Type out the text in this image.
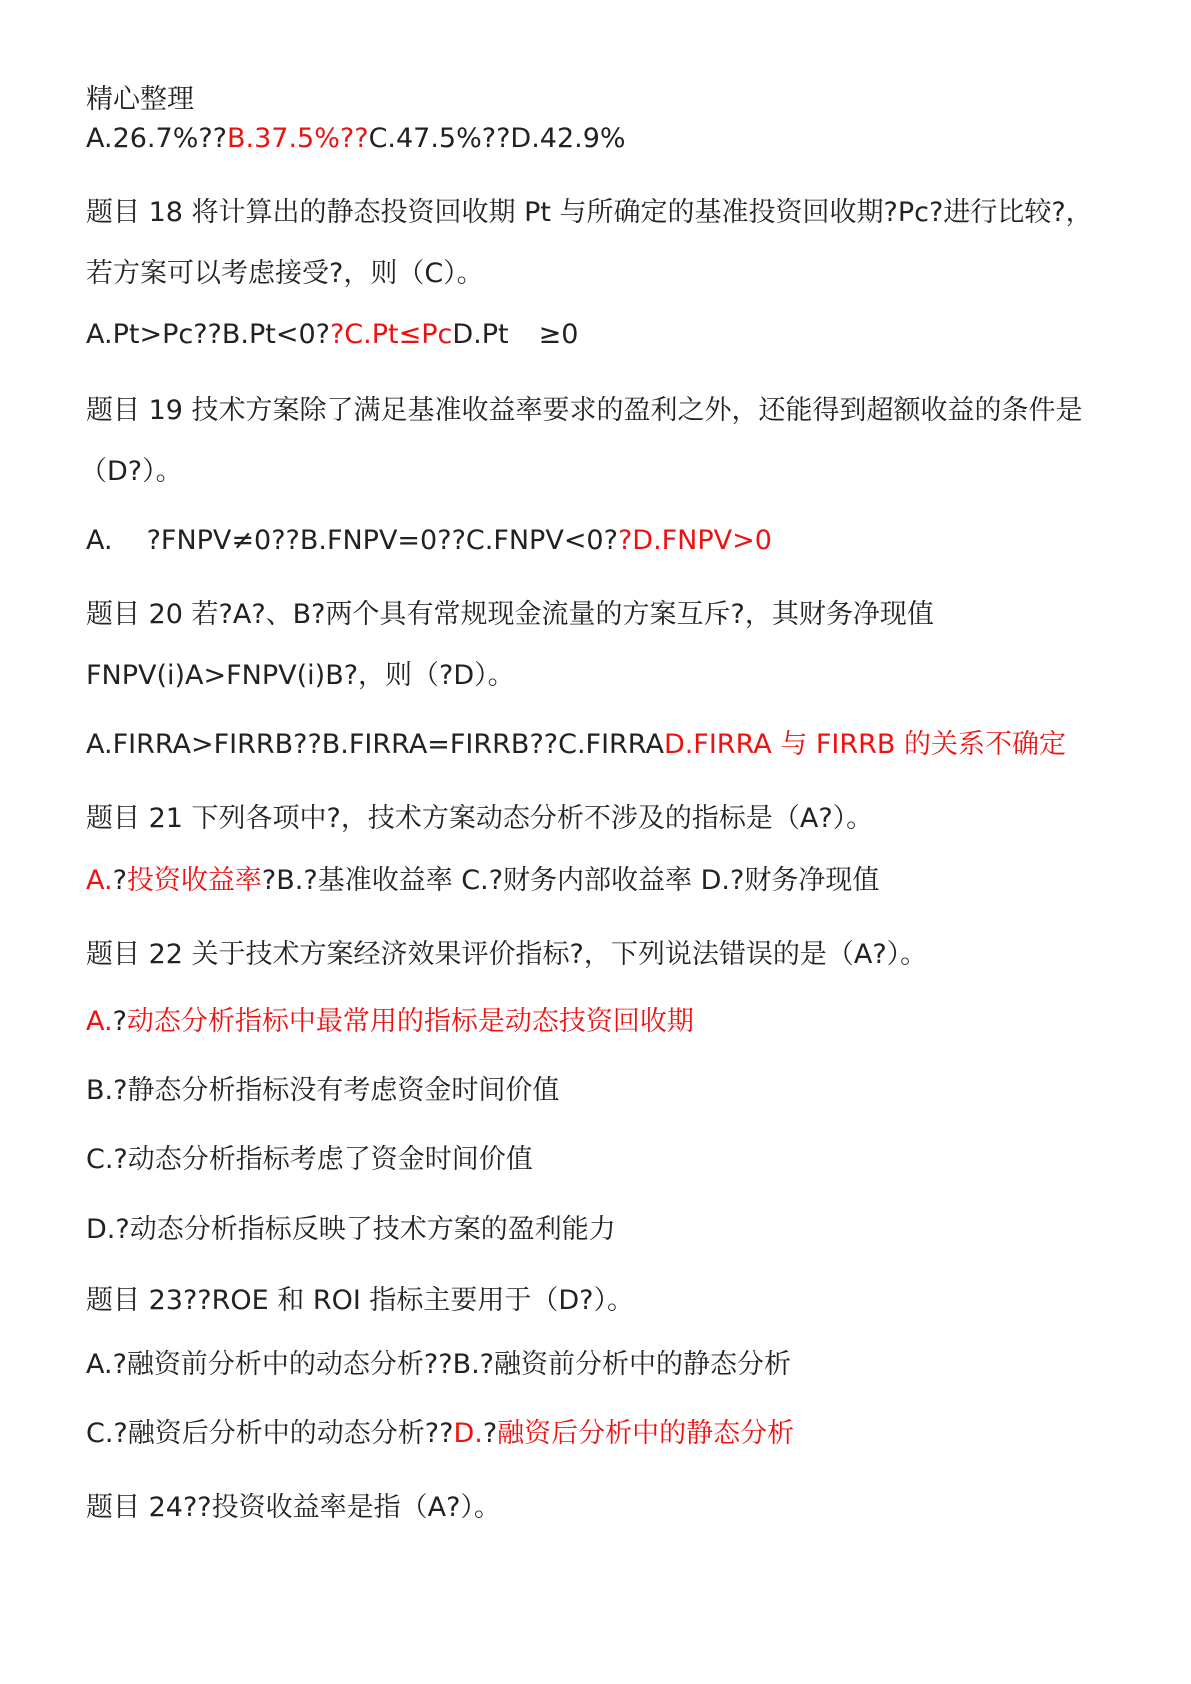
精心整理
A.26.7%??B.37.5%??C.47.5%??D.42.9%
题目 18 将计算出的静态投资回收期 Pt 与所确定的基准投资回收期?Pc?进行比较?，
若方案可以考虑接受?，则（C）。
A.Pt>Pc??B.Pt<0??C.Pt≤PcD.Pt ≥0
题目 19 技术方案除了满足基准收益率要求的盈利之外，还能得到超额收益的条件是
（D?）。
A. ?FNPV≠0??B.FNPV=0??C.FNPV<0??D.FNPV>0
题目 20 若?A?、B?两个具有常规现金流量的方案互斥?，其财务净现值
FNPV(i)A>FNPV(i)B?，则（?D）。
A.FIRRA>FIRRB??B.FIRRA=FIRRB??C.FIRRAD.FIRRA 与 FIRRB 的关系不确定
题目 21 下列各项中?，技术方案动态分析不涉及的指标是（A?）。
A.?投资收益率?B.?基准收益率 C.?财务内部收益率 D.?财务净现值
题目 22 关于技术方案经济效果评价指标?，下列说法错误的是（A?）。
A.?动态分析指标中最常用的指标是动态技资回收期
B.?静态分析指标没有考虑资金时间价值
C.?动态分析指标考虑了资金时间价值
D.?动态分析指标反映了技术方案的盈利能力
题目 23??ROE 和 ROI 指标主要用于（D?）。
A.?融资前分析中的动态分析??B.?融资前分析中的静态分析
C.?融资后分析中的动态分析??D.?融资后分析中的静态分析
题目 24??投资收益率是指（A?）。
